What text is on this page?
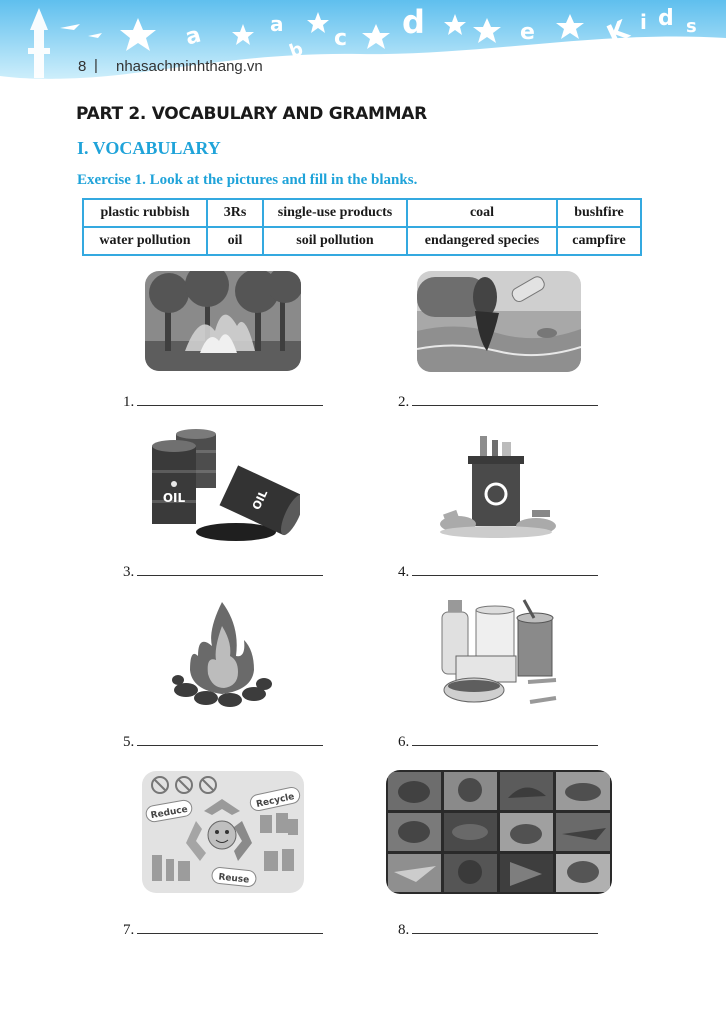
a	a
b c d	e	K i d s
8 | nhasachminhthang.vn
PART 2. VOCABULARY AND GRAMMAR
I. VOCABULARY
Exercise 1. Look at the pictures and fill in the blanks.
plastic rubbish	3Rs	single-use products	coal	bushfire
water pollution	oil	soil pollution	endangered species	campfire
1.	2.
OIL	OIL
3.	4.
5.	6.
Reduce
Recycle
Reuse
7.	8.
